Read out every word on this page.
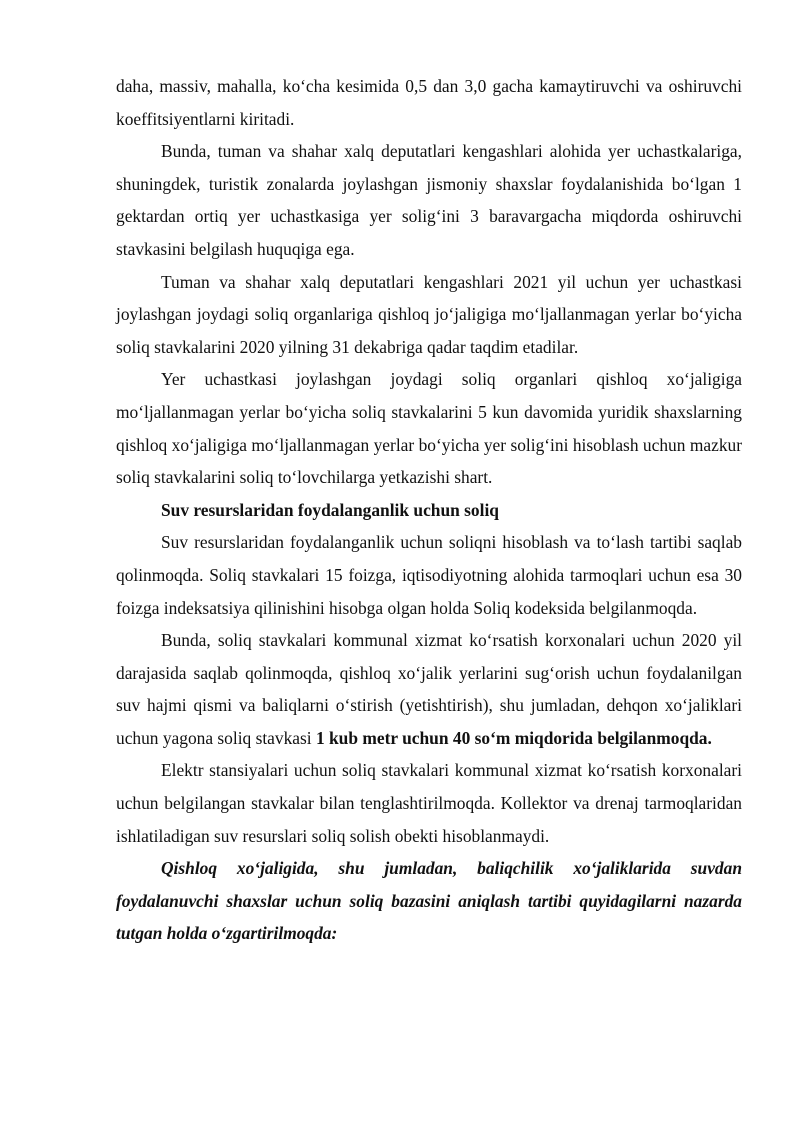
daha, massiv, mahalla, koʻcha kesimida 0,5 dan 3,0 gacha kamaytiruvchi va oshiruvchi koeffitsiyentlarni kiritadi.

Bunda, tuman va shahar xalq deputatlari kengashlari alohida yer uchastkalariga, shuningdek, turistik zonalarda joylashgan jismoniy shaxslar foydalanishida boʻlgan 1 gektardan ortiq yer uchastkasiga yer soligʻini 3 baravargacha miqdorda oshiruvchi stavkasini belgilash huquqiga ega.

Tuman va shahar xalq deputatlari kengashlari 2021 yil uchun yer uchastkasi joylashgan joydagi soliq organlariga qishloq joʻjaligiga moʻljallanmagan yerlar boʻyicha soliq stavkalarini 2020 yilning 31 dekabriga qadar taqdim etadilar.

Yer uchastkasi joylashgan joydagi soliq organlari qishloq xoʻjaligiga moʻljallanmagan yerlar boʻyicha soliq stavkalarini 5 kun davomida yuridik shaxslarning qishloq xoʻjaligiga moʻljallanmagan yerlar boʻyicha yer soligʻini hisoblash uchun mazkur soliq stavkalarini soliq toʻlovchilarga yetkazishi shart.

Suv resurslaridan foydalanganlik uchun soliq

Suv resurslaridan foydalanganlik uchun soliqni hisoblash va toʻlash tartibi saqlab qolinmoqda. Soliq stavkalari 15 foizga, iqtisodiyotning alohida tarmoqlari uchun esa 30 foizga indeksatsiya qilinishini hisobga olgan holda Soliq kodeksida belgilanmoqda.

Bunda, soliq stavkalari kommunal xizmat koʻrsatish korxonalari uchun 2020 yil darajasida saqlab qolinmoqda, qishloq xoʻjalik yerlarini sugʻorish uchun foydalanilgan suv hajmi qismi va baliqlarni oʻstirish (yetishtirish), shu jumladan, dehqon xoʻjaliklari uchun yagona soliq stavkasi 1 kub metr uchun 40 soʻm miqdorida belgilanmoqda.

Elektr stansiyalari uchun soliq stavkalari kommunal xizmat koʻrsatish korxonalari uchun belgilangan stavkalar bilan tenglashtirilmoqda. Kollektor va drenaj tarmoqlaridan ishlatiladigan suv resurslari soliq solish obekti hisoblanmaydi.

Qishloq xoʻjaligida, shu jumladan, baliqchilik xoʻjaliklarida suvdan foydalanuvchi shaxslar uchun soliq bazasini aniqlash tartibi quyidagilarni nazarda tutgan holda oʻzgartirilmoqda:
